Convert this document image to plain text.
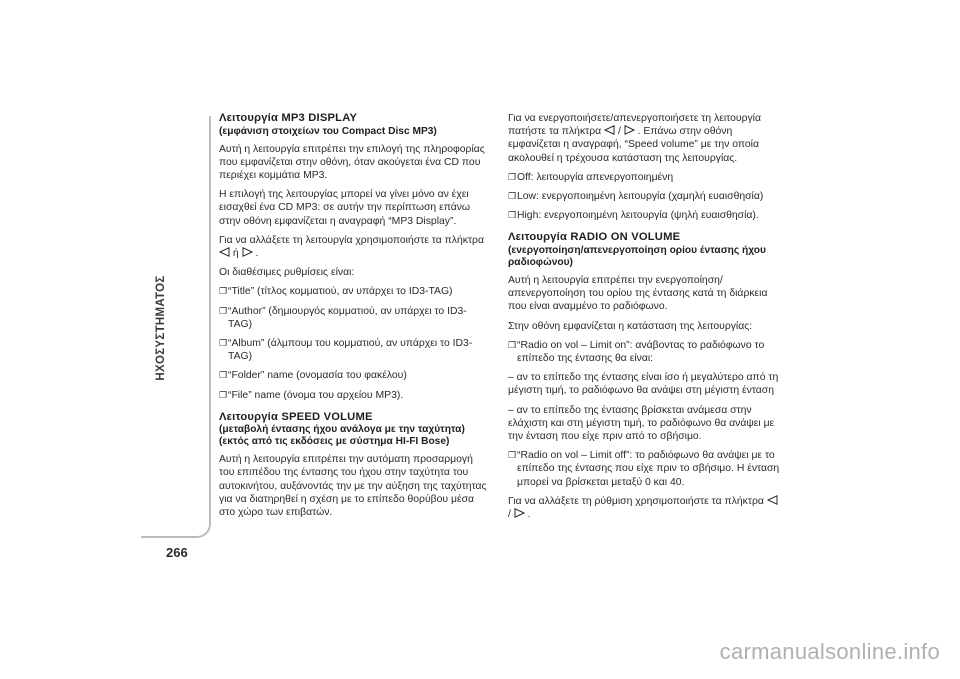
ΗΧΟΣΥΣΤΗΜΑΤΟΣ
266
Λειτουργία MP3 DISPLAY
(εμφάνιση στοιχείων του Compact Disc MP3)

Αυτή η λειτουργία επιτρέπει την επιλογή της πληροφορίας που εμφανίζεται στην οθόνη, όταν ακούγεται ένα CD που περιέχει κομμάτια MP3.

Η επιλογή της λειτουργίας μπορεί να γίνει μόνο αν έχει εισαχθεί ένα CD MP3: σε αυτήν την περίπτωση επάνω στην οθόνη εμφανίζεται η αναγραφή “MP3 Display”.

Για να αλλάξετε τη λειτουργία χρησιμοποιήστε τα πλήκτρα  ή .

Οι διαθέσιμες ρυθμίσεις είναι:

❐ “Title” (τίτλος κομματιού, αν υπάρχει το ID3-TAG)
❐ “Author” (δημιουργός κομματιού, αν υπάρχει το ID3-TAG)
❐ “Album” (άλμπουμ του κομματιού, αν υπάρχει το ID3-TAG)
❐ “Folder” name (ονομασία του φακέλου)
❐ “File” name (όνομα του αρχείου MP3).
Λειτουργία SPEED VOLUME
(μεταβολή έντασης ήχου ανάλογα με την ταχύτητα)
(εκτός από τις εκδόσεις με σύστημα HI-FI Bose)

Αυτή η λειτουργία επιτρέπει την αυτόματη προσαρμογή του επιπέδου της έντασης του ήχου στην ταχύτητα του αυτοκινήτου, αυξάνοντάς την με την αύξηση της ταχύτητας για να διατηρηθεί η σχέση με το επίπεδο θορύβου μέσα στο χώρο των επιβατών.

Για να ενεργοποιήσετε/απενεργοποιήσετε τη λειτουργία πατήστε τα πλήκτρα / . Επάνω στην οθόνη εμφανίζεται η αναγραφή, “Speed volume” με την οποία ακολουθεί η τρέχουσα κατάσταση της λειτουργίας.

❐ Off: λειτουργία απενεργοποιημένη
❐ Low: ενεργοποιημένη λειτουργία (χαμηλή ευαισθησία)
❐ High: ενεργοποιημένη λειτουργία (ψηλή ευαισθησία).
Λειτουργία RADIO ON VOLUME
(ενεργοποίηση/απενεργοποίηση ορίου έντασης ήχου ραδιοφώνου)

Αυτή η λειτουργία επιτρέπει την ενεργοποίηση/απενεργοποίηση του ορίου της έντασης κατά τη διάρκεια που είναι αναμμένο το ραδιόφωνο.

Στην οθόνη εμφανίζεται η κατάσταση της λειτουργίας:

❐ “Radio on vol – Limit on”: ανάβοντας το ραδιόφωνο το επίπεδο της έντασης θα είναι:

– αν το επίπεδο της έντασης είναι ίσο ή μεγαλύτερο από τη μέγιστη τιμή, το ραδιόφωνο θα ανάψει στη μέγιστη ένταση

– αν το επίπεδο της έντασης βρίσκεται ανάμεσα στην ελάχιστη και στη μέγιστη τιμή, το ραδιόφωνο θα ανάψει με την ένταση που είχε πριν από το σβήσιμο.

❐ “Radio on vol – Limit off”: το ραδιόφωνο θα ανάψει με το επίπεδο της έντασης που είχε πριν το σβήσιμο. Η ένταση μπορεί να βρίσκεται μεταξύ 0 και 40.

Για να αλλάξετε τη ρύθμιση χρησιμοποιήστε τα πλήκτρα  / .

carmanualsonline.info
